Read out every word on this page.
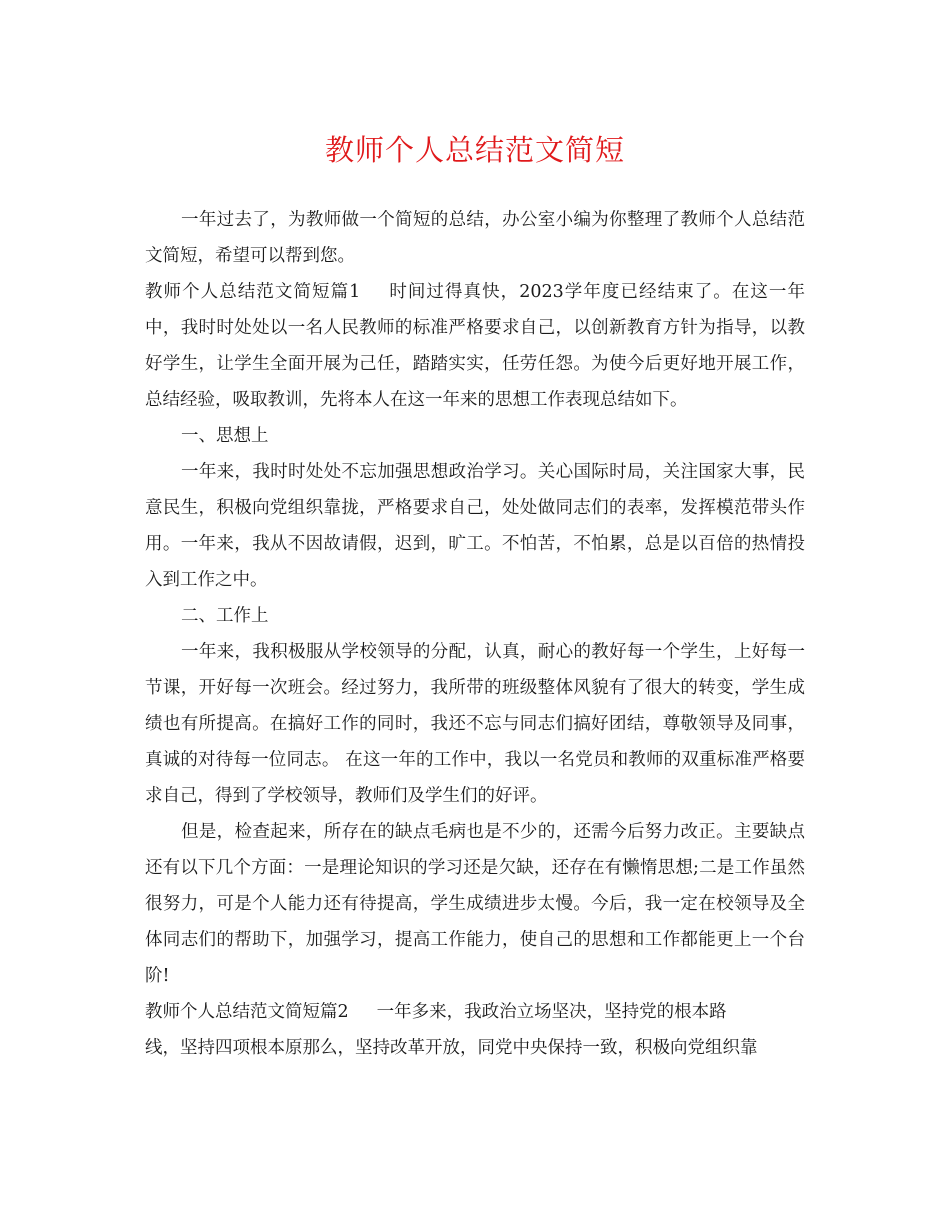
教师个人总结范文简短

一年过去了，为教师做一个简短的总结，办公室小编为你整理了教师个人总结范文简短，希望可以帮到您。

教师个人总结范文简短篇1 时间过得真快，2023学年度已经结束了。在这一年中，我时时处处以一名人民教师的标准严格要求自己，以创新教育方针为指导，以教好学生，让学生全面开展为己任，踏踏实实，任劳任怨。为使今后更好地开展工作，总结经验，吸取教训，先将本人在这一年来的思想工作表现总结如下。

一、思想上

一年来，我时时处处不忘加强思想政治学习。关心国际时局，关注国家大事，民意民生，积极向党组织靠拢，严格要求自己，处处做同志们的表率，发挥模范带头作用。一年来，我从不因故请假，迟到，旷工。不怕苦，不怕累，总是以百倍的热情投入到工作之中。

二、工作上

一年来，我积极服从学校领导的分配，认真，耐心的教好每一个学生，上好每一节课，开好每一次班会。经过努力，我所带的班级整体风貌有了很大的转变，学生成绩也有所提高。在搞好工作的同时，我还不忘与同志们搞好团结，尊敬领导及同事，真诚的对待每一位同志。 在这一年的工作中，我以一名党员和教师的双重标准严格要求自己，得到了学校领导，教师们及学生们的好评。

但是，检查起来，所存在的缺点毛病也是不少的，还需今后努力改正。主要缺点还有以下几个方面：一是理论知识的学习还是欠缺，还存在有懒惰思想;二是工作虽然很努力，可是个人能力还有待提高，学生成绩进步太慢。今后，我一定在校领导及全体同志们的帮助下，加强学习，提高工作能力，使自己的思想和工作都能更上一个台阶!

教师个人总结范文简短篇2 一年多来，我政治立场坚决，坚持党的根本路

线，坚持四项根本原那么，坚持改革开放，同党中央保持一致，积极向党组织靠
